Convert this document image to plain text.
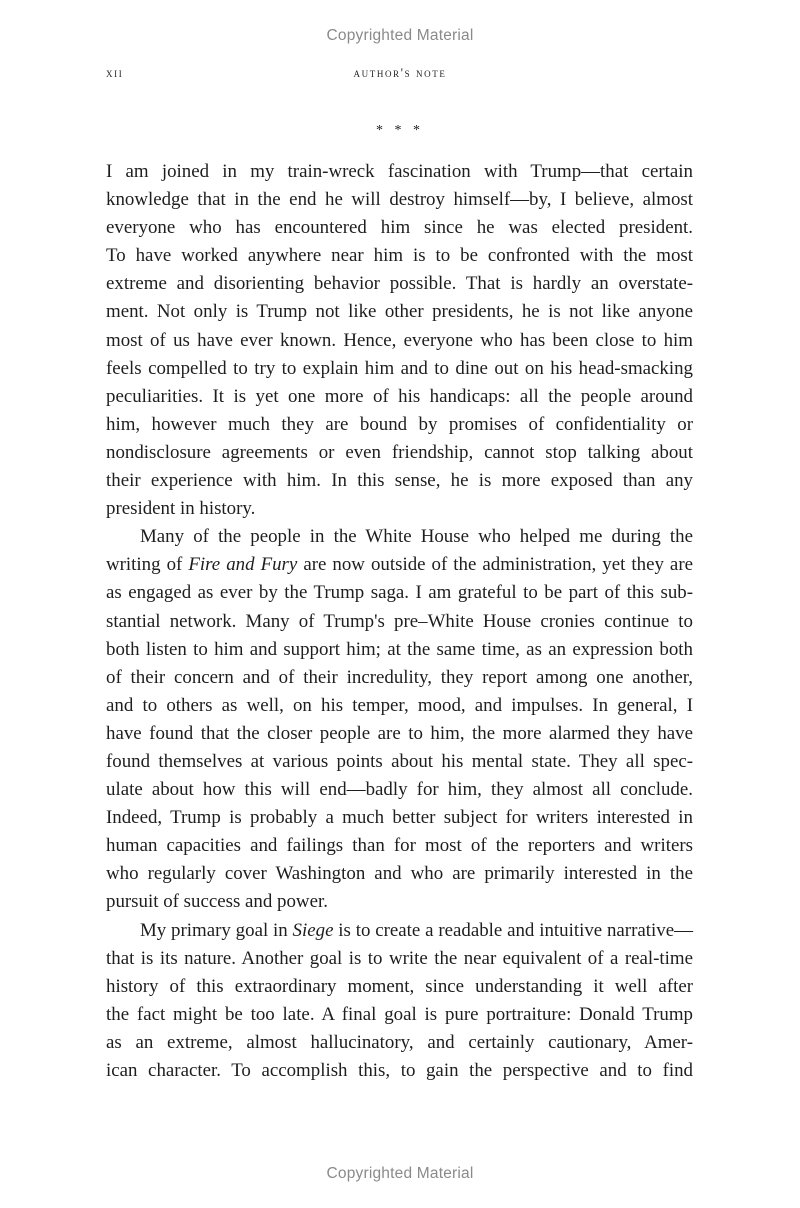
Copyrighted Material
xii	author's note
* * *
I am joined in my train-wreck fascination with Trump—that certain
knowledge that in the end he will destroy himself—by, I believe, almost
everyone who has encountered him since he was elected president.
To have worked anywhere near him is to be confronted with the most
extreme and disorienting behavior possible. That is hardly an overstate-
ment. Not only is Trump not like other presidents, he is not like anyone
most of us have ever known. Hence, everyone who has been close to him
feels compelled to try to explain him and to dine out on his head-smacking
peculiarities. It is yet one more of his handicaps: all the people around
him, however much they are bound by promises of confidentiality or
nondisclosure agreements or even friendship, cannot stop talking about
their experience with him. In this sense, he is more exposed than any
president in history.
Many of the people in the White House who helped me during the
writing of Fire and Fury are now outside of the administration, yet they are
as engaged as ever by the Trump saga. I am grateful to be part of this sub-
stantial network. Many of Trump's pre–White House cronies continue to
both listen to him and support him; at the same time, as an expression both
of their concern and of their incredulity, they report among one another,
and to others as well, on his temper, mood, and impulses. In general, I
have found that the closer people are to him, the more alarmed they have
found themselves at various points about his mental state. They all spec-
ulate about how this will end—badly for him, they almost all conclude.
Indeed, Trump is probably a much better subject for writers interested in
human capacities and failings than for most of the reporters and writers
who regularly cover Washington and who are primarily interested in the
pursuit of success and power.
My primary goal in Siege is to create a readable and intuitive narrative—
that is its nature. Another goal is to write the near equivalent of a real-time
history of this extraordinary moment, since understanding it well after
the fact might be too late. A final goal is pure portraiture: Donald Trump
as an extreme, almost hallucinatory, and certainly cautionary, Amer-
ican character. To accomplish this, to gain the perspective and to find
Copyrighted Material
